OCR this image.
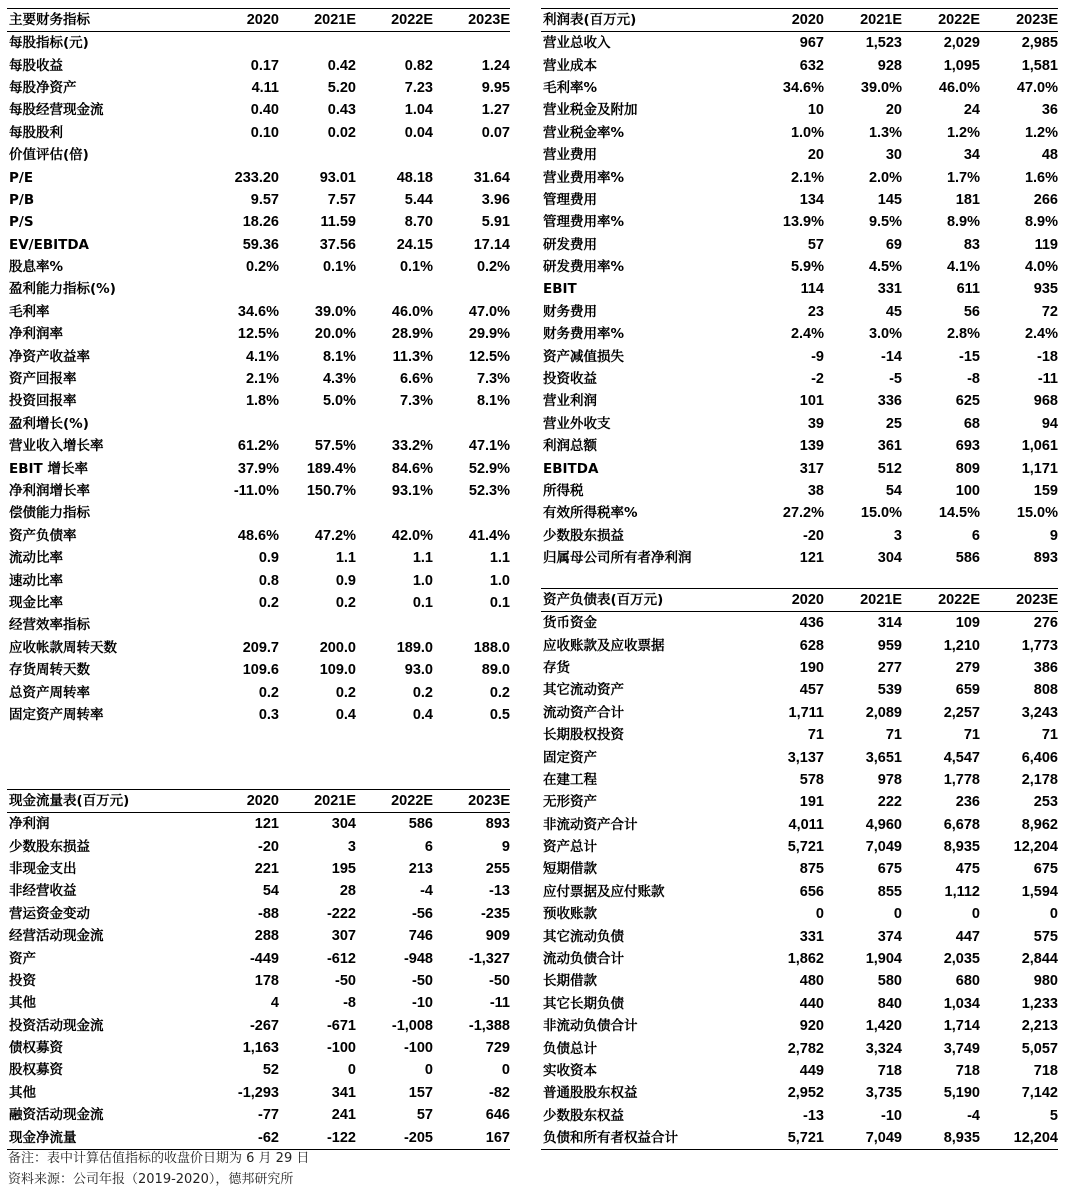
主要财务指标	2020	2021E	2022E	2023E
每股指标(元)				
每股收益	0.17	0.42	0.82	1.24
每股净资产	4.11	5.20	7.23	9.95
每股经营现金流	0.40	0.43	1.04	1.27
每股股利	0.10	0.02	0.04	0.07
价值评估(倍)				
P/E	233.20	93.01	48.18	31.64
P/B	9.57	7.57	5.44	3.96
P/S	18.26	11.59	8.70	5.91
EV/EBITDA	59.36	37.56	24.15	17.14
股息率%	0.2%	0.1%	0.1%	0.2%
盈利能力指标(%)				
毛利率	34.6%	39.0%	46.0%	47.0%
净利润率	12.5%	20.0%	28.9%	29.9%
净资产收益率	4.1%	8.1%	11.3%	12.5%
资产回报率	2.1%	4.3%	6.6%	7.3%
投资回报率	1.8%	5.0%	7.3%	8.1%
盈利增长(%)				
营业收入增长率	61.2%	57.5%	33.2%	47.1%
EBIT 增长率	37.9%	189.4%	84.6%	52.9%
净利润增长率	-11.0%	150.7%	93.1%	52.3%
偿债能力指标				
资产负债率	48.6%	47.2%	42.0%	41.4%
流动比率	0.9	1.1	1.1	1.1
速动比率	0.8	0.9	1.0	1.0
现金比率	0.2	0.2	0.1	0.1
经营效率指标				
应收帐款周转天数	209.7	200.0	189.0	188.0
存货周转天数	109.6	109.0	93.0	89.0
总资产周转率	0.2	0.2	0.2	0.2
固定资产周转率	0.3	0.4	0.4	0.5
利润表(百万元)	2020	2021E	2022E	2023E
营业总收入	967	1,523	2,029	2,985
营业成本	632	928	1,095	1,581
毛利率%	34.6%	39.0%	46.0%	47.0%
营业税金及附加	10	20	24	36
营业税金率%	1.0%	1.3%	1.2%	1.2%
营业费用	20	30	34	48
营业费用率%	2.1%	2.0%	1.7%	1.6%
管理费用	134	145	181	266
管理费用率%	13.9%	9.5%	8.9%	8.9%
研发费用	57	69	83	119
研发费用率%	5.9%	4.5%	4.1%	4.0%
EBIT	114	331	611	935
财务费用	23	45	56	72
财务费用率%	2.4%	3.0%	2.8%	2.4%
资产减值损失	-9	-14	-15	-18
投资收益	-2	-5	-8	-11
营业利润	101	336	625	968
营业外收支	39	25	68	94
利润总额	139	361	693	1,061
EBITDA	317	512	809	1,171
所得税	38	54	100	159
有效所得税率%	27.2%	15.0%	14.5%	15.0%
少数股东损益	-20	3	6	9
归属母公司所有者净利润	121	304	586	893
资产负债表(百万元)	2020	2021E	2022E	2023E
货币资金	436	314	109	276
应收账款及应收票据	628	959	1,210	1,773
存货	190	277	279	386
其它流动资产	457	539	659	808
流动资产合计	1,711	2,089	2,257	3,243
长期股权投资	71	71	71	71
固定资产	3,137	3,651	4,547	6,406
在建工程	578	978	1,778	2,178
无形资产	191	222	236	253
非流动资产合计	4,011	4,960	6,678	8,962
资产总计	5,721	7,049	8,935	12,204
短期借款	875	675	475	675
应付票据及应付账款	656	855	1,112	1,594
预收账款	0	0	0	0
其它流动负债	331	374	447	575
流动负债合计	1,862	1,904	2,035	2,844
长期借款	480	580	680	980
其它长期负债	440	840	1,034	1,233
非流动负债合计	920	1,420	1,714	2,213
负债总计	2,782	3,324	3,749	5,057
实收资本	449	718	718	718
普通股股东权益	2,952	3,735	5,190	7,142
少数股东权益	-13	-10	-4	5
负债和所有者权益合计	5,721	7,049	8,935	12,204
现金流量表(百万元)	2020	2021E	2022E	2023E
净利润	121	304	586	893
少数股东损益	-20	3	6	9
非现金支出	221	195	213	255
非经营收益	54	28	-4	-13
营运资金变动	-88	-222	-56	-235
经营活动现金流	288	307	746	909
资产	-449	-612	-948	-1,327
投资	178	-50	-50	-50
其他	4	-8	-10	-11
投资活动现金流	-267	-671	-1,008	-1,388
债权募资	1,163	-100	-100	729
股权募资	52	0	0	0
其他	-1,293	341	157	-82
融资活动现金流	-77	241	57	646
现金净流量	-62	-122	-205	167
备注：表中计算估值指标的收盘价日期为 6 月 29 日
资料来源：公司年报（2019-2020），德邦研究所
